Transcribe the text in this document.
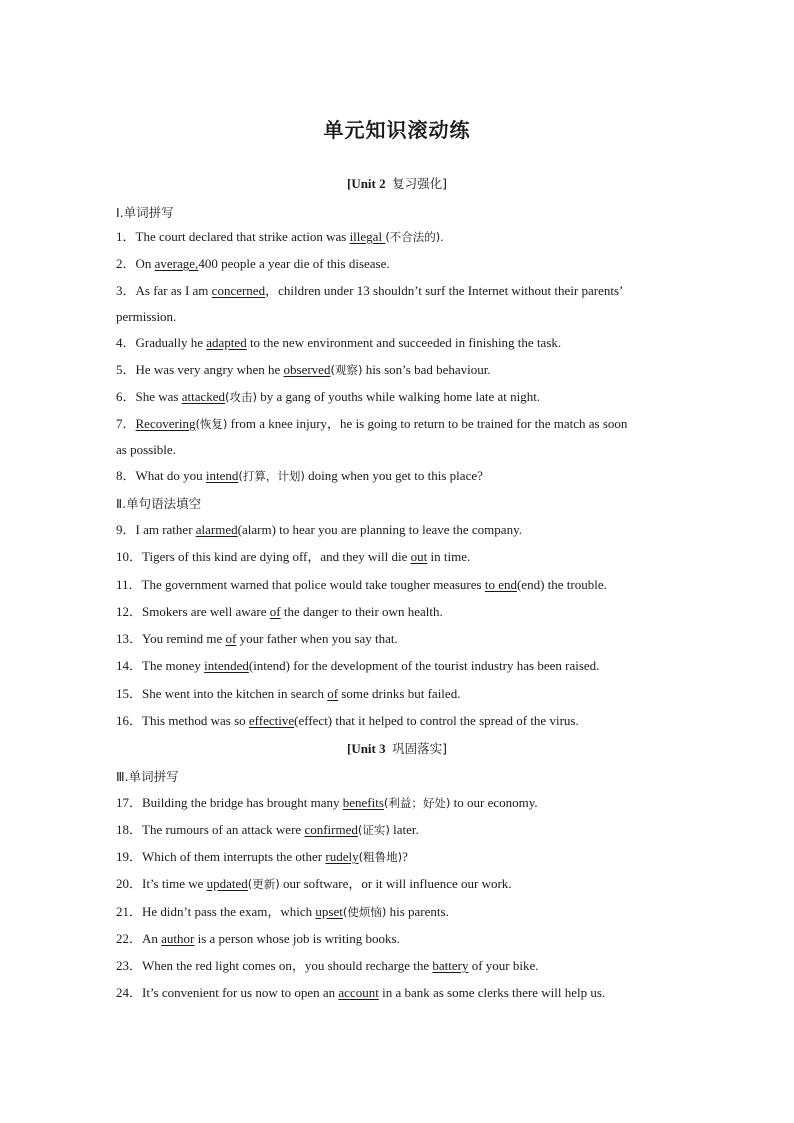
单元知识滚动练
[Unit 2 复习强化]
Ⅰ.单词拼写
1．The court declared that strike action was illegal (不合法的).
2．On average,400 people a year die of this disease.
3．As far as I am concerned，children under 13 shouldn’t surf the Internet without their parents’
permission.
4．Gradually he adapted to the new environment and succeeded in finishing the task.
5．He was very angry when he observed(观察) his son’s bad behaviour.
6．She was attacked(攻击) by a gang of youths while walking home late at night.
7．Recovering(恢复) from a knee injury，he is going to return to be trained for the match as soon
as possible.
8．What do you intend(打算，计划) doing when you get to this place?
Ⅱ.单句语法填空
9．I am rather alarmed(alarm) to hear you are planning to leave the company.
10．Tigers of this kind are dying off，and they will die out in time.
11．The government warned that police would take tougher measures to end(end) the trouble.
12．Smokers are well aware of the danger to their own health.
13．You remind me of your father when you say that.
14．The money intended(intend) for the development of the tourist industry has been raised.
15．She went into the kitchen in search of some drinks but failed.
16．This method was so effective(effect) that it helped to control the spread of the virus.
[Unit 3 巩固落实]
Ⅲ.单词拼写
17．Building the bridge has brought many benefits(利益；好处) to our economy.
18．The rumours of an attack were confirmed(证实) later.
19．Which of them interrupts the other rudely(粗鲁地)?
20．It’s time we updated(更新) our software，or it will influence our work.
21．He didn’t pass the exam，which upset(使烦恼) his parents.
22．An author is a person whose job is writing books.
23．When the red light comes on，you should recharge the battery of your bike.
24．It’s convenient for us now to open an account in a bank as some clerks there will help us.
